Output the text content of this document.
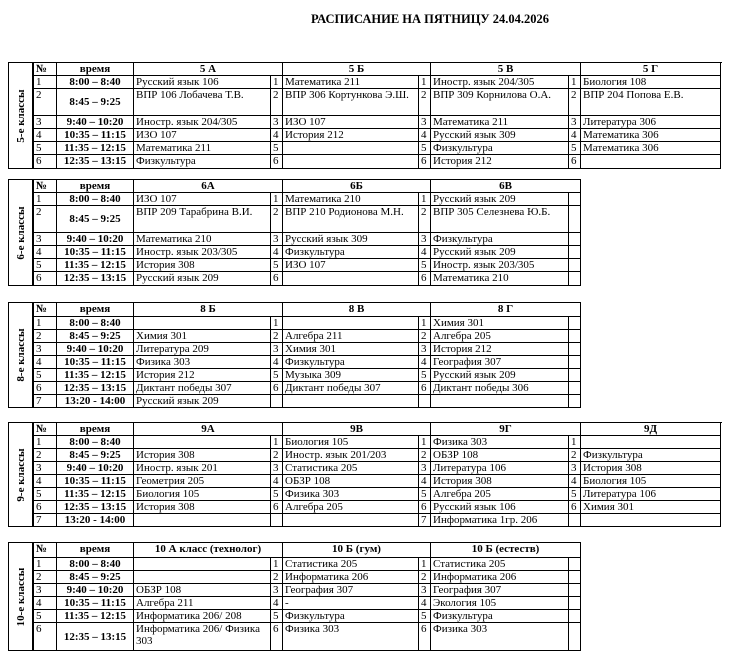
РАСПИСАНИЕ НА ПЯТНИЦУ 24.04.2026
5-е классы
№	время	5 А		5 Б		5 В		5 Г	
1	8:00 – 8:40	Русский язык 106	1	Математика 211	1	Иностр. язык 204/305	1	Биология 108	
2	8:45 – 9:25	ВПР 106 Лобачева Т.В.	2	ВПР 306 Кортункова Э.Ш.	2	ВПР 309 Корнилова О.А.	2	ВПР 204 Попова Е.В.	
3	9:40 – 10:20	Иностр. язык 204/305	3	ИЗО 107	3	Математика 211	3	Литература 306	
4	10:35 – 11:15	ИЗО 107	4	История 212	4	Русский язык 309	4	Математика 306	
5	11:35 – 12:15	Математика 211	5		5	Физкультура	5	Математика 306	
6	12:35 – 13:15	Физкультура	6		6	История 212	6		
6-е классы
№	время	6А		6Б		6В	
1	8:00 – 8:40	ИЗО 107	1	Математика 210	1	Русский язык 209	
2	8:45 – 9:25	ВПР 209 Тарабрина В.И.	2	ВПР 210 Родионова М.Н.	2	ВПР 305 Селезнева Ю.Б.	
3	9:40 – 10:20	Математика 210	3	Русский язык 309	3	Физкультура	
4	10:35 – 11:15	Иностр. язык 203/305	4	Физкультура	4	Русский язык 209	
5	11:35 – 12:15	История 308	5	ИЗО 107	5	Иностр. язык 203/305	
6	12:35 – 13:15	Русский язык 209	6		6	Математика 210	
8-е классы
№	время	8 Б		8 В		8 Г	
1	8:00 – 8:40		1		1	Химия 301	
2	8:45 – 9:25	Химия 301	2	Алгебра 211	2	Алгебра 205	
3	9:40 – 10:20	Литература 209	3	Химия 301	3	История 212	
4	10:35 – 11:15	Физика 303	4	Физкультура	4	География 307	
5	11:35 – 12:15	История 212	5	Музыка 309	5	Русский язык 209	
6	12:35 – 13:15	Диктант победы 307	6	Диктант победы 307	6	Диктант победы 306	
7	13:20 - 14:00	Русский язык 209					
9-е классы
№	время	9А		9В		9Г		9Д	
1	8:00 – 8:40		1	Биология 105	1	Физика 303	1		
2	8:45 – 9:25	История 308	2	Иностр. язык 201/203	2	ОБЗР 108	2	Физкультура	
3	9:40 – 10:20	Иностр. язык 201	3	Статистика 205	3	Литература 106	3	История 308	
4	10:35 – 11:15	Геометрия 205	4	ОБЗР 108	4	История 308	4	Биология 105	
5	11:35 – 12:15	Биология 105	5	Физика 303	5	Алгебра 205	5	Литература 106	
6	12:35 – 13:15	История 308	6	Алгебра 205	6	Русский язык 106	6	Химия 301	
7	13:20 - 14:00				7	Информатика 1гр. 206			
10-е классы
№	время	10 А класс (технолог)		10 Б (гум)		10 Б (естеств)	
1	8:00 – 8:40		1	Статистика 205	1	Статистика 205	
2	8:45 – 9:25		2	Информатика 206	2	Информатика 206	
3	9:40 – 10:20	ОБЗР 108	3	География 307	3	География 307	
4	10:35 – 11:15	Алгебра 211	4	-	4	Экология 105	
5	11:35 – 12:15	Информатика 206/ 208	5	Физкультура	5	Физкультура	
6	12:35 – 13:15	Информатика 206/ Физика 303	6	Физика 303	6	Физика 303	
